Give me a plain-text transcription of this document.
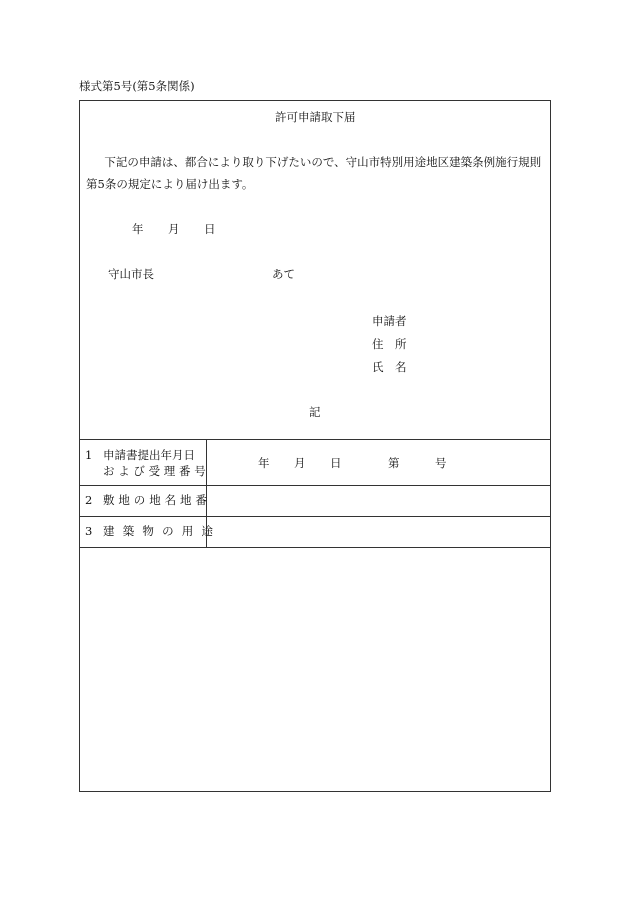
様式第5号(第5条関係)
許可申請取下届
下記の申請は、都合により取り下げたいので、守山市特別用途地区建築条例施行規則第5条の規定により届け出ます。
年 月 日
守山市長	あて
申請者
住　所
氏　名
記
1 申請書提出年月日
および受理番号
年 月 日	第	号
2 敷地の地名地番
3 建築物の用途
